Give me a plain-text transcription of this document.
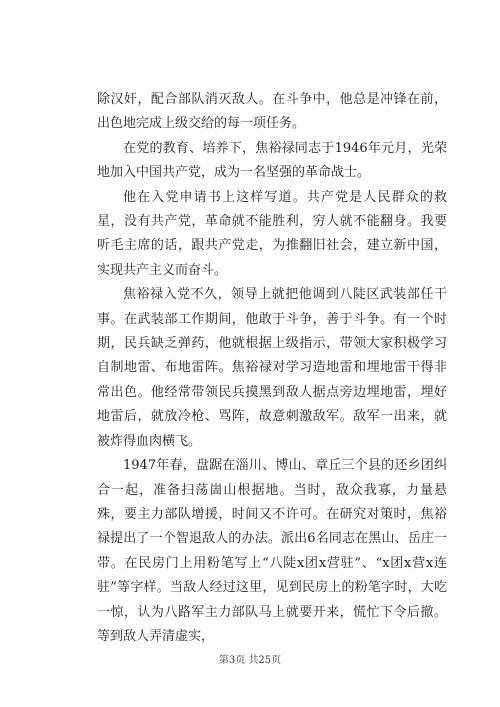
除汉奸，配合部队消灭敌人。在斗争中，他总是冲锋在前，出色地完成上级交给的每一项任务。

在党的教育、培养下，焦裕禄同志于1946年元月，光荣地加入中国共产党，成为一名坚强的革命战士。

他在入党申请书上这样写道。共产党是人民群众的救星，没有共产党，革命就不能胜利，穷人就不能翻身。我要听毛主席的话，跟共产党走，为推翻旧社会，建立新中国，实现共产主义而奋斗。

焦裕禄入党不久，领导上就把他调到八陡区武装部任干事。在武装部工作期间，他敢于斗争，善于斗争。有一个时期，民兵缺乏弹药，他就根据上级指示，带领大家积极学习自制地雷、布地雷阵。焦裕禄对学习造地雷和埋地雷干得非常出色。他经常带领民兵摸黑到敌人据点旁边埋地雷，埋好地雷后，就放冷枪、骂阵，故意刺激敌军。敌军一出来，就被炸得血肉横飞。

1947年春，盘踞在淄川、博山、章丘三个县的还乡团纠合一起，准备扫荡崮山根据地。当时，敌众我寡，力量悬殊，要主力部队增援，时间又不许可。在研究对策时，焦裕禄提出了一个智退敌人的办法。派出6名同志在黑山、岳庄一带。在民房门上用粉笔写上“八陡x团x营驻”、“x团x营x连驻”等字样。当敌人经过这里，见到民房上的粉笔字时，大吃一惊，认为八路军主力部队马上就要开来，慌忙下令后撤。等到敌人弄清虚实，

第3页 共25页
